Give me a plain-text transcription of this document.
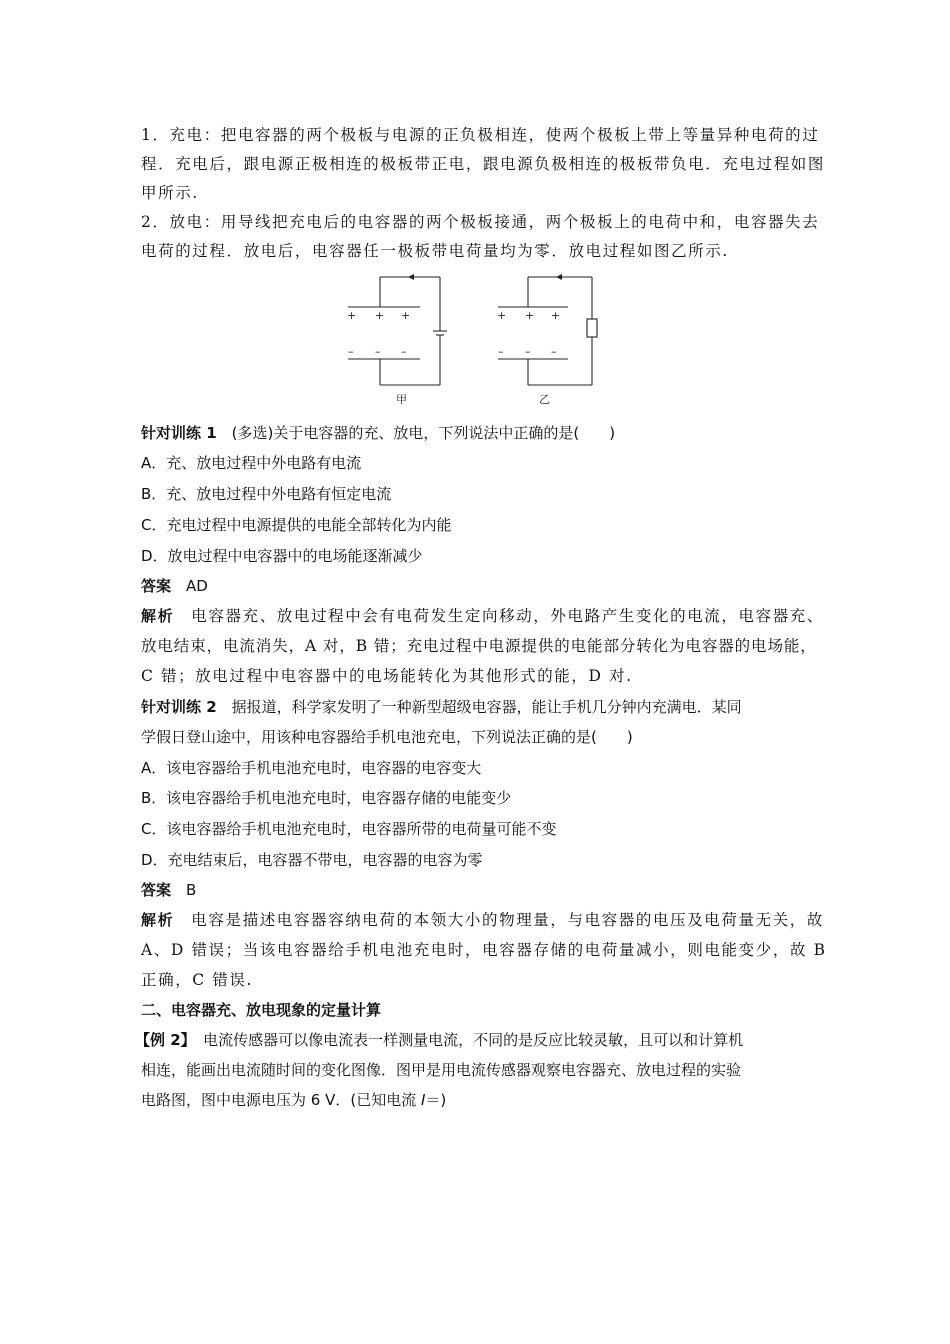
1．充电：把电容器的两个极板与电源的正负极相连，使两个极板上带上等量异种电荷的过
程．充电后，跟电源正极相连的极板带正电，跟电源负极相连的极板带负电．充电过程如图
甲所示.
2．放电：用导线把充电后的电容器的两个极板接通，两个极板上的电荷中和，电容器失去
电荷的过程．放电后，电容器任一极板带电荷量均为零．放电过程如图乙所示.
+ + +
– – –
+ + +
– – –
甲	乙
针对训练 1　(多选)关于电容器的充、放电，下列说法中正确的是(　　)
A．充、放电过程中外电路有电流
B．充、放电过程中外电路有恒定电流
C．充电过程中电源提供的电能全部转化为内能
D．放电过程中电容器中的电场能逐渐减少
答案　AD
解析　电容器充、放电过程中会有电荷发生定向移动，外电路产生变化的电流，电容器充、
放电结束，电流消失，A 对，B 错；充电过程中电源提供的电能部分转化为电容器的电场能，
C 错；放电过程中电容器中的电场能转化为其他形式的能，D 对.
针对训练 2　据报道，科学家发明了一种新型超级电容器，能让手机几分钟内充满电．某同
学假日登山途中，用该种电容器给手机电池充电，下列说法正确的是(　　)
A．该电容器给手机电池充电时，电容器的电容变大
B．该电容器给手机电池充电时，电容器存储的电能变少
C．该电容器给手机电池充电时，电容器所带的电荷量可能不变
D．充电结束后，电容器不带电，电容器的电容为零
答案　B
解析　电容是描述电容器容纳电荷的本领大小的物理量，与电容器的电压及电荷量无关，故
A、D 错误；当该电容器给手机电池充电时，电容器存储的电荷量减小，则电能变少，故 B
正确，C 错误.
二、电容器充、放电现象的定量计算
【例 2】　电流传感器可以像电流表一样测量电流，不同的是反应比较灵敏，且可以和计算机
相连，能画出电流随时间的变化图像．图甲是用电流传感器观察电容器充、放电过程的实验
电路图，图中电源电压为 6 V．(已知电流 I＝)
